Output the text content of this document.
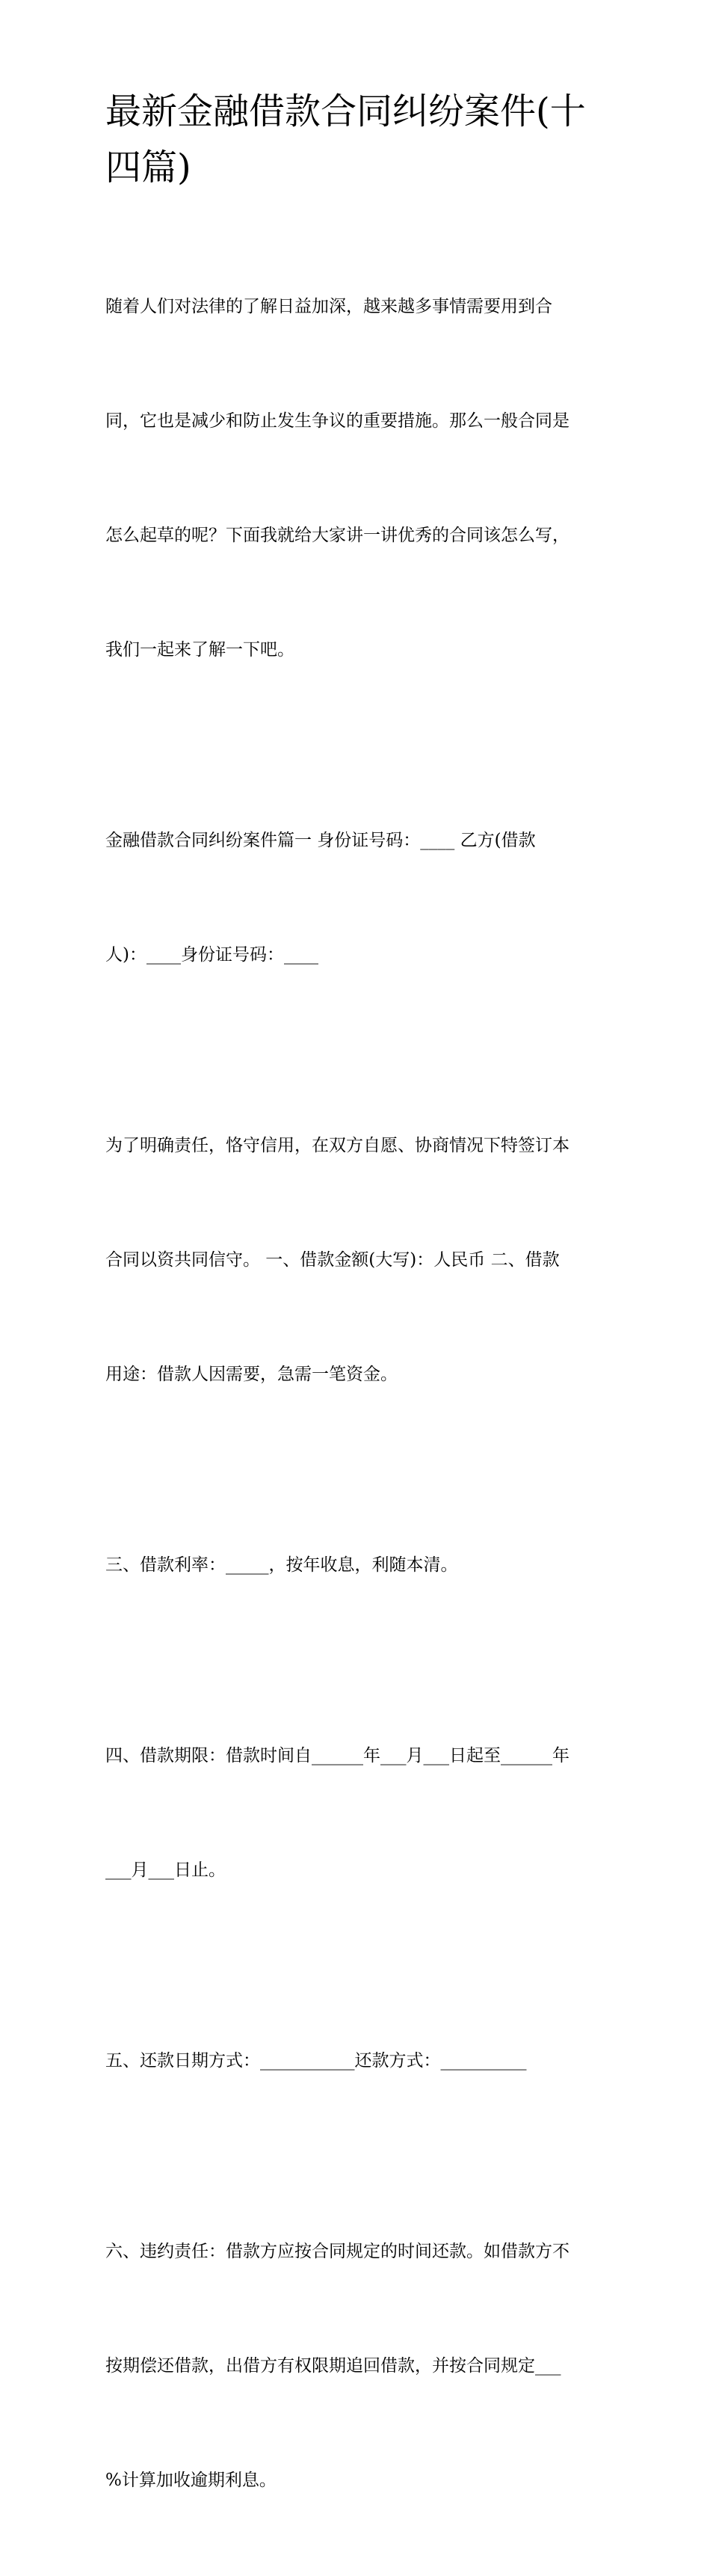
最新金融借款合同纠纷案件(十
四篇)

随着人们对法律的了解日益加深，越来越多事情需要用到合

同，它也是减少和防止发生争议的重要措施。那么一般合同是

怎么起草的呢？下面我就给大家讲一讲优秀的合同该怎么写，

我们一起来了解一下吧。

金融借款合同纠纷案件篇一 身份证号码：____ 乙方(借款

人)：____身份证号码：____

为了明确责任，恪守信用，在双方自愿、协商情况下特签订本

合同以资共同信守。 一、借款金额(大写)：人民币 二、借款

用途：借款人因需要，急需一笔资金。

三、借款利率：_____，按年收息，利随本清。

四、借款期限：借款时间自______年___月___日起至______年

___月___日止。

五、还款日期方式：___________还款方式：__________

六、违约责任：借款方应按合同规定的时间还款。如借款方不

按期偿还借款，出借方有权限期追回借款，并按合同规定___

%计算加收逾期利息。
